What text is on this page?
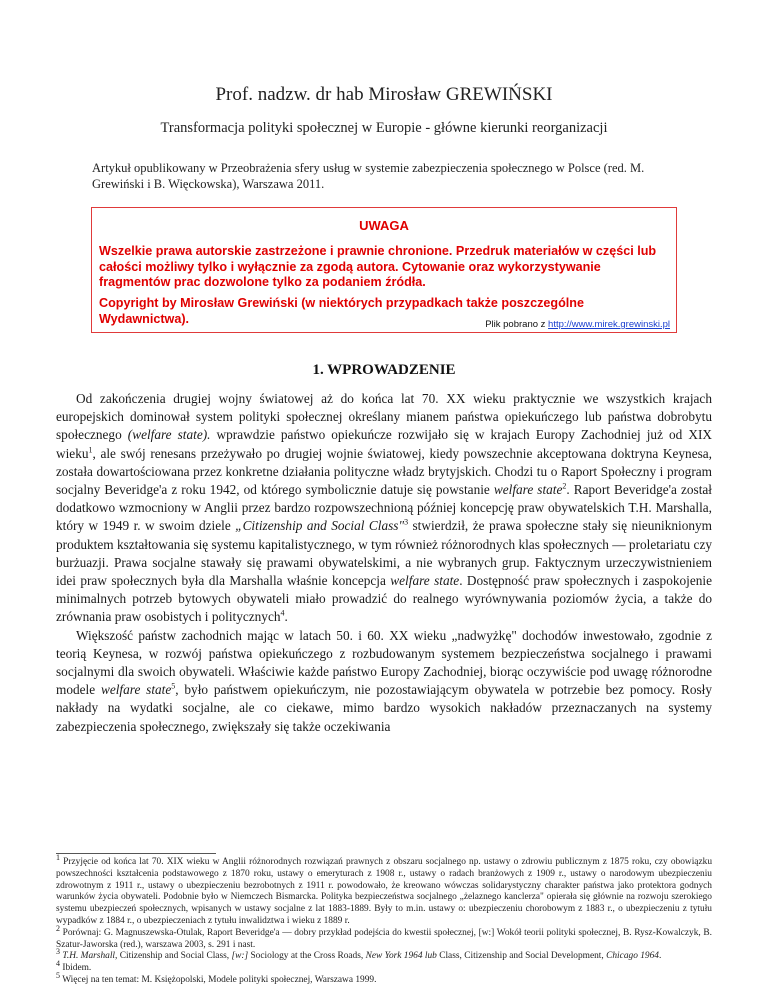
Prof. nadzw. dr hab Mirosław GREWIŃSKI
Transformacja polityki społecznej w Europie - główne kierunki reorganizacji
Artykuł opublikowany w Przeobrażenia sfery usług w systemie zabezpieczenia społecznego w Polsce (red. M. Grewiński i B. Więckowska), Warszawa 2011.
UWAGA
Wszelkie prawa autorskie zastrzeżone i prawnie chronione. Przedruk materiałów w części lub całości możliwy tylko i wyłącznie za zgodą autora. Cytowanie oraz wykorzystywanie fragmentów prac dozwolone tylko za podaniem źródła.
Copyright by Mirosław Grewiński (w niektórych przypadkach także poszczególne Wydawnictwa).	Plik pobrano z http://www.mirek.grewinski.pl
1. WPROWADZENIE

Od zakończenia drugiej wojny światowej aż do końca lat 70. XX wieku praktycznie we wszystkich krajach europejskich dominował system polityki społecznej określany mianem państwa opiekuńczego lub państwa dobrobytu społecznego (welfare state). wprawdzie państwo opiekuńcze rozwijało się w krajach Europy Zachodniej już od XIX wieku$^1$, ale swój renesans przeżywało po drugiej wojnie światowej, kiedy powszechnie akceptowana doktryna Keynesa, została dowartościowana przez konkretne działania polityczne władz brytyjskich. Chodzi tu o Raport Społeczny i program socjalny Beveridge'a z roku 1942, od którego symbolicznie datuje się powstanie welfare state$^2$. Raport Beveridge'a został dodatkowo wzmocniony w Anglii przez bardzo rozpowszechnioną później koncepcję praw obywatelskich T.H. Marshalla, który w 1949 r. w swoim dziele „Citizenship and Social Class"$^3$ stwierdził, że prawa społeczne stały się nieuniknionym produktem kształtowania się systemu kapitalistycznego, w tym również różnorodnych klas społecznych — proletariatu czy burżuazji. Prawa socjalne stawały się prawami obywatelskimi, a nie wybranych grup. Faktycznym urzeczywistnieniem idei praw społecznych była dla Marshalla właśnie koncepcja welfare state. Dostępność praw społecznych i zaspokojenie minimalnych potrzeb bytowych obywateli miało prowadzić do realnego wyrównywania poziomów życia, a także do zrównania praw osobistych i politycznych$^4$.

Większość państw zachodnich mając w latach 50. i 60. XX wieku „nadwyżkę" dochodów inwestowało, zgodnie z teorią Keynesa, w rozwój państwa opiekuńczego z rozbudowanym systemem bezpieczeństwa socjalnego i prawami socjalnymi dla swoich obywateli. Właściwie każde państwo Europy Zachodniej, biorąc oczywiście pod uwagę różnorodne modele welfare state$^5$, było państwem opiekuńczym, nie pozostawiającym obywatela w potrzebie bez pomocy. Rosły nakłady na wydatki socjalne, ale co ciekawe, mimo bardzo wysokich nakładów przeznaczanych na systemy zabezpieczenia społecznego, zwiększały się także oczekiwania

$^1$ Przyjęcie od końca lat 70. XIX wieku w Anglii różnorodnych rozwiązań prawnych z obszaru socjalnego np. ustawy o zdrowiu publicznym z 1875 roku, czy obowiązku powszechności kształcenia podstawowego z 1870 roku, ustawy o emeryturach z 1908 r., ustawy o radach branżowych z 1909 r., ustawy o narodowym ubezpieczeniu zdrowotnym z 1911 r., ustawy o ubezpieczeniu bezrobotnych z 1911 r. powodowało, że kreowano wówczas solidarystyczny charakter państwa jako protektora godnych warunków życia obywateli. Podobnie było w Niemczech Bismarcka. Polityka bezpieczeństwa socjalnego „żelaznego kanclerza" opierała się głównie na rozwoju szerokiego systemu ubezpieczeń społecznych, wpisanych w ustawy socjalne z lat 1883-1889. Były to m.in. ustawy o: ubezpieczeniu chorobowym z 1883 r., o ubezpieczeniu z tytułu wypadków z 1884 r., o ubezpieczeniach z tytułu inwalidztwa i wieku z 1889 r.

$^2$ Porównaj: G. Magnuszewska-Otulak, Raport Beveridge'a — dobry przykład podejścia do kwestii społecznej, [w:] Wokół teorii polityki społecznej, B. Rysz-Kowalczyk, B. Szatur-Jaworska (red.), warszawa 2003, s. 291 i nast.

$^3$ T.H. Marshall, Citizenship and Social Class, [w:] Sociology at the Cross Roads, New York 1964 lub Class, Citizenship and Social Development, Chicago 1964.

$^4$ Ibidem.

$^5$ Więcej na ten temat: M. Księżopolski, Modele polityki społecznej, Warszawa 1999.
